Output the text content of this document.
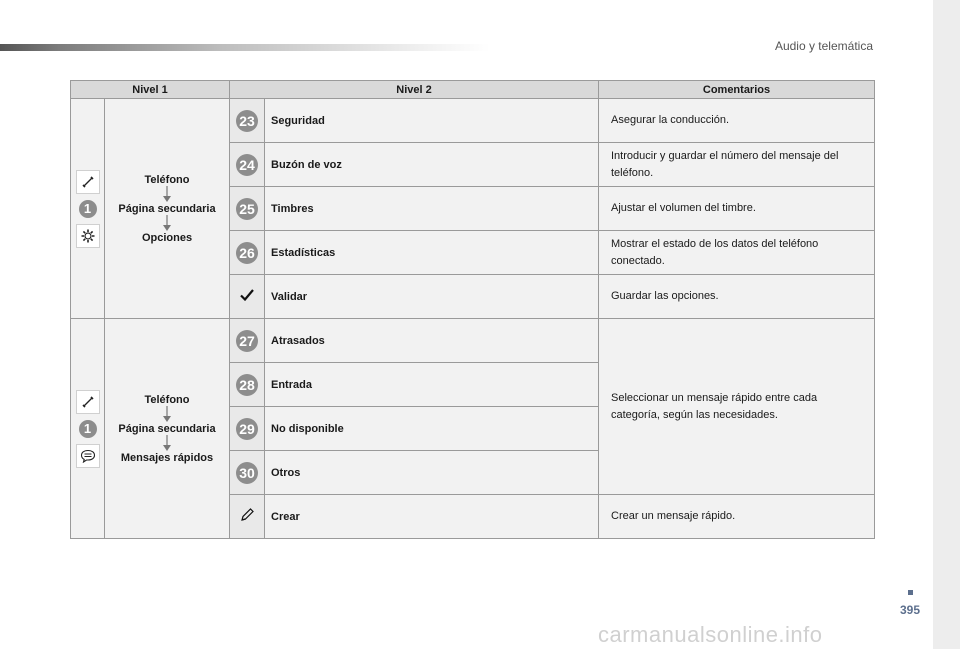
Audio y telemática
Nivel 1		Nivel 2		Comentarios

1	Teléfono
Página secundaria
Opciones	23	Seguridad	Asegurar la conducción.
		24	Buzón de voz	Introducir y guardar el número del mensaje del teléfono.
		25	Timbres	Ajustar el volumen del timbre.
		26	Estadísticas	Mostrar el estado de los datos del teléfono conectado.
	Validar	Guardar las opciones.

1	Teléfono
Página secundaria
Mensajes rápidos	27	Atrasados	Seleccionar un mensaje rápido entre cada categoría, según las necesidades.
		28	Entrada	
		29	No disponible	
		30	Otros	
	Crear	Crear un mensaje rápido.
395
carmanualsonline.info
